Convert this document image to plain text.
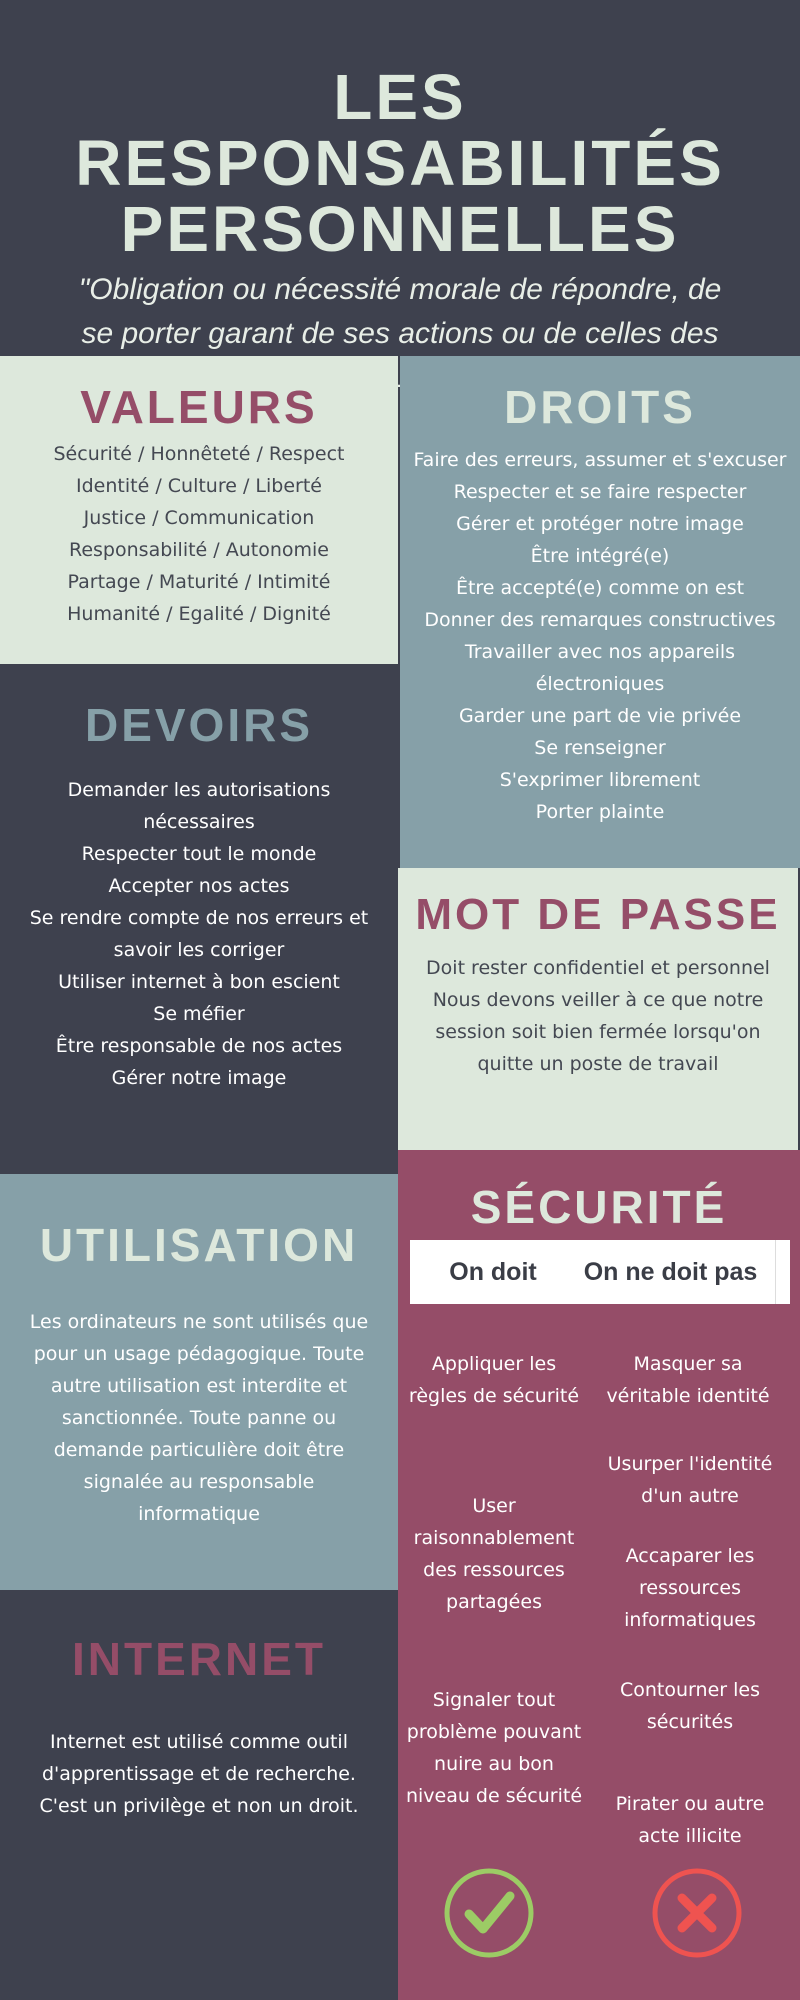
LES RESPONSABILITÉS
PERSONNELLES
"Obligation ou nécessité morale de répondre, de se porter garant de ses actions ou de celles des
VALEURS
Sécurité / Honnêteté / Respect
Identité / Culture / Liberté
Justice / Communication
Responsabilité / Autonomie
Partage / Maturité / Intimité
Humanité / Egalité / Dignité
DROITS
Faire des erreurs, assumer et s'excuser
Respecter et se faire respecter
Gérer et protéger notre image
Être intégré(e)
Être accepté(e) comme on est
Donner des remarques constructives
Travailler avec nos appareils électroniques
Garder une part de vie privée
Se renseigner
S'exprimer librement
Porter plainte
DEVOIRS
Demander les autorisations nécessaires
Respecter tout le monde
Accepter nos actes
Se rendre compte de nos erreurs et savoir les corriger
Utiliser internet à bon escient
Se méfier
Être responsable de nos actes
Gérer notre image
MOT DE PASSE
Doit rester confidentiel et personnel
Nous devons veiller à ce que notre session soit bien fermée lorsqu'on quitte un poste de travail
UTILISATION
Les ordinateurs ne sont utilisés que pour un usage pédagogique. Toute autre utilisation est interdite et sanctionnée. Toute panne ou demande particulière doit être signalée au responsable informatique
INTERNET
Internet est utilisé comme outil d'apprentissage et de recherche. C'est un privilège et non un droit.
SÉCURITÉ
On doit	On ne doit pas
Appliquer les règles de sécurité
User raisonnablement des ressources partagées
Signaler tout problème pouvant nuire au bon niveau de sécurité
Masquer sa véritable identité
Usurper l'identité d'un autre
Accaparer les ressources informatiques
Contourner les sécurités
Pirater ou autre acte illicite
